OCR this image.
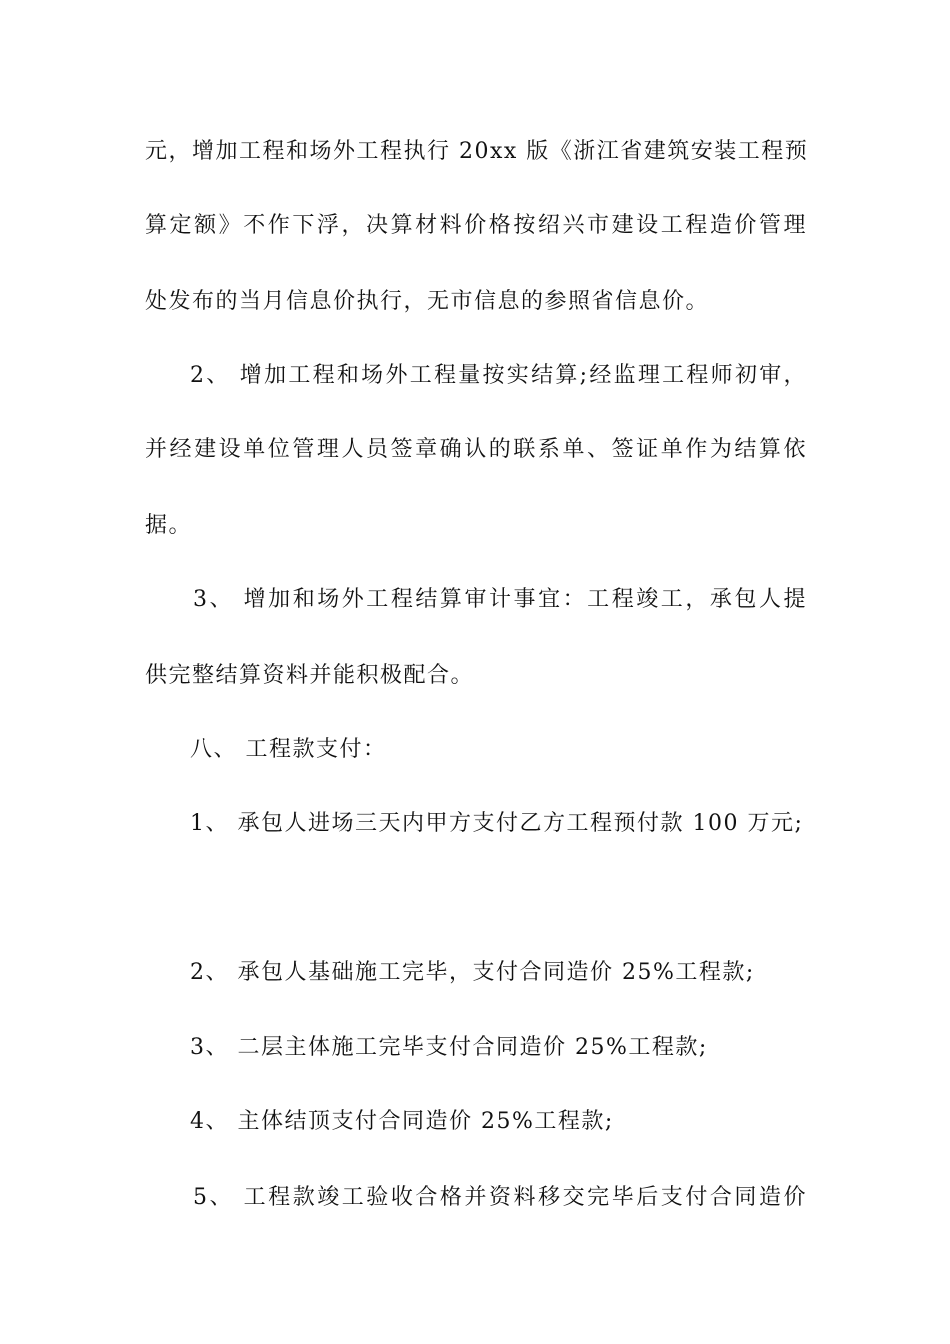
元，增加工程和场外工程执行 20xx 版《浙江省建筑安装工程预
算定额》不作下浮，决算材料价格按绍兴市建设工程造价管理
处发布的当月信息价执行，无市信息的参照省信息价。
2、 增加工程和场外工程量按实结算;经监理工程师初审，
并经建设单位管理人员签章确认的联系单、签证单作为结算依
据。
3、 增加和场外工程结算审计事宜：工程竣工，承包人提
供完整结算资料并能积极配合。
八、 工程款支付：
1、 承包人进场三天内甲方支付乙方工程预付款 100 万元;
2、 承包人基础施工完毕，支付合同造价 25%工程款;
3、 二层主体施工完毕支付合同造价 25%工程款;
4、 主体结顶支付合同造价 25%工程款;
5、 工程款竣工验收合格并资料移交完毕后支付合同造价
